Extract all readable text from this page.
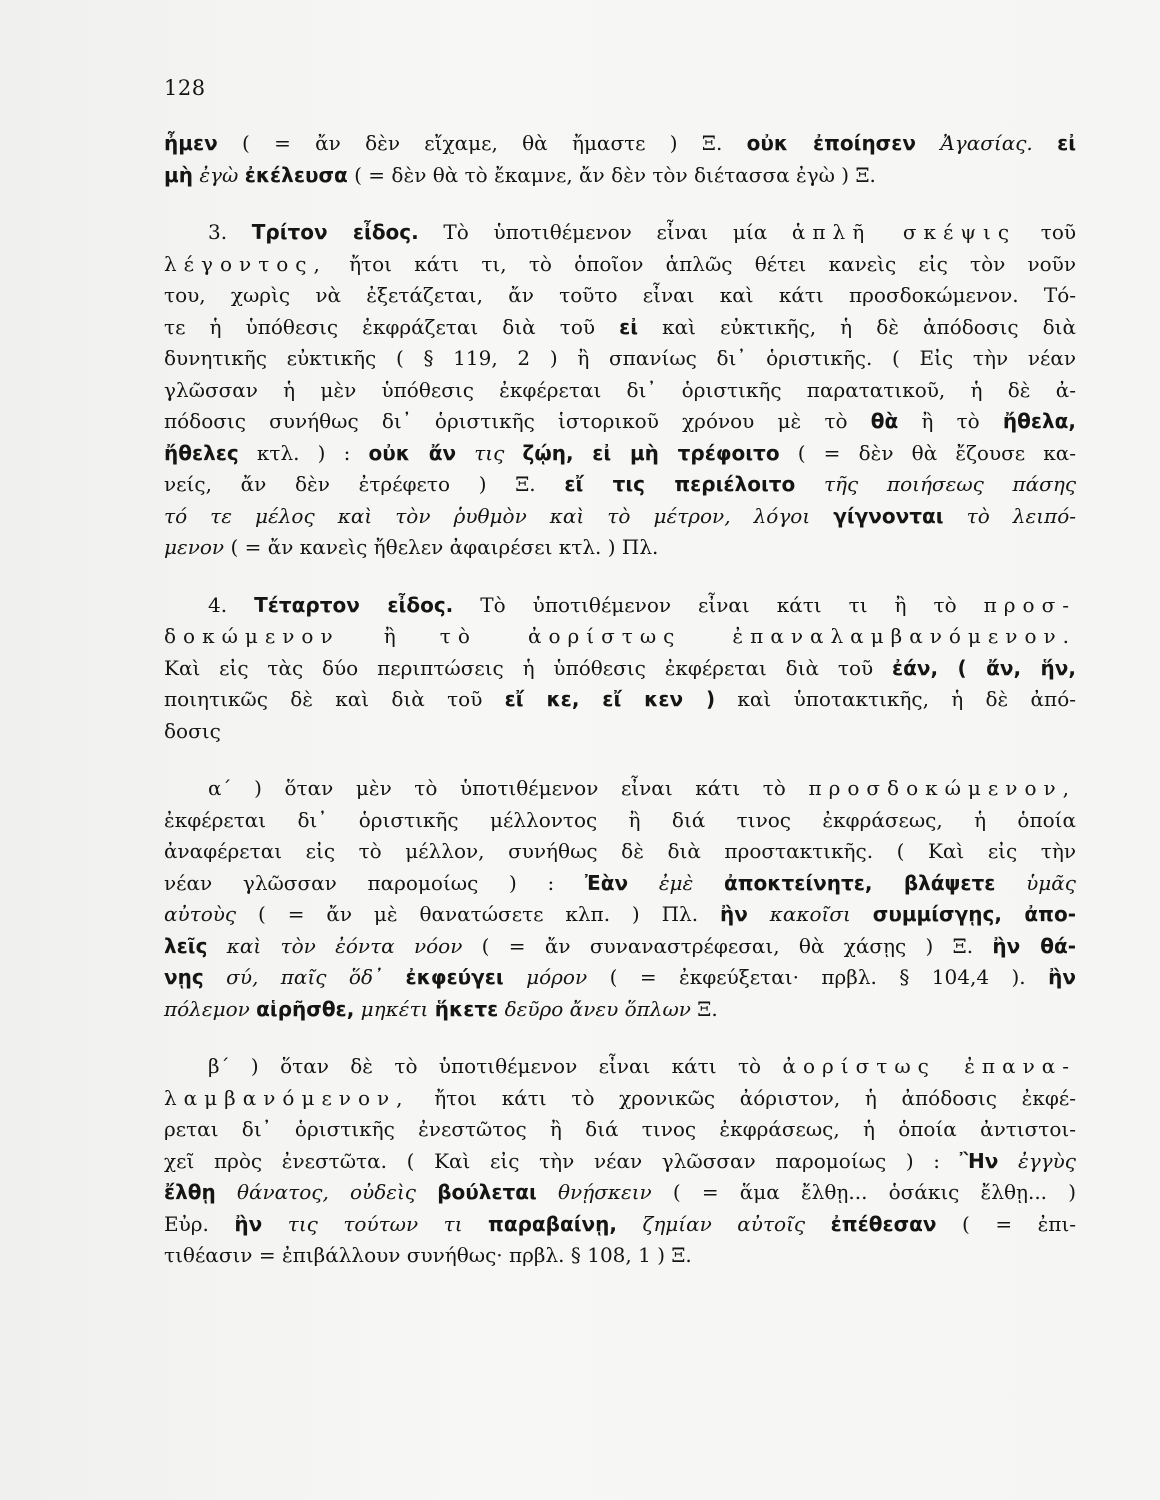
128
ἦμεν ( = ἄν δὲν εἴχαμε, θὰ ἤμαστε ) Ξ. οὐκ ἐποίησεν Ἀγασίας. εἰ
μὴ ἐγὼ ἐκέλευσα ( = δὲν θὰ τὸ ἔκαμνε, ἄν δὲν τὸν διέτασσα ἐγὼ ) Ξ.
3. Τρίτον εἶδος. Τὸ ὑποτιθέμενον εἶναι μία ἁπλῆ σκέψις τοῦ
λέγοντος, ἤτοι κάτι τι, τὸ ὁποῖον ἁπλῶς θέτει κανεὶς εἰς τὸν νοῦν
του, χωρὶς νὰ ἐξετάζεται, ἄν τοῦτο εἶναι καὶ κάτι προσδοκώμενον. Τό-
τε ἡ ὑπόθεσις ἐκφράζεται διὰ τοῦ εἰ καὶ εὐκτικῆς, ἡ δὲ ἀπόδοσις διὰ
δυνητικῆς εὐκτικῆς ( § 119, 2 ) ἢ σπανίως δι᾽ ὁριστικῆς. ( Εἰς τὴν νέαν
γλῶσσαν ἡ μὲν ὑπόθεσις ἐκφέρεται δι᾽ ὁριστικῆς παρατατικοῦ, ἡ δὲ ἀ-
πόδοσις συνήθως δι᾽ ὁριστικῆς ἱστορικοῦ χρόνου μὲ τὸ θὰ ἢ τὸ ἤθελα,
ἤθελες κτλ. ) : οὐκ ἄν τις ζῴη, εἰ μὴ τρέφοιτο ( = δὲν θὰ ἔζουσε κα-
νείς, ἄν δὲν ἐτρέφετο ) Ξ. εἴ τις περιέλοιτο τῆς ποιήσεως πάσης
τό τε μέλος καὶ τὸν ῥυθμὸν καὶ τὸ μέτρον, λόγοι γίγνονται τὸ λειπό-
μενον ( = ἄν κανεὶς ἤθελεν ἀφαιρέσει κτλ. ) Πλ.
4. Τέταρτον εἶδος. Τὸ ὑποτιθέμενον εἶναι κάτι τι ἢ τὸ προσ-
δοκώμενον ἢ τὸ ἀορίστως ἐπαναλαμβανόμενον.
Καὶ εἰς τὰς δύο περιπτώσεις ἡ ὑπόθεσις ἐκφέρεται διὰ τοῦ ἐάν, ( ἄν, ἥν,
ποιητικῶς δὲ καὶ διὰ τοῦ εἴ κε, εἴ κεν ) καὶ ὑποτακτικῆς, ἡ δὲ ἀπό-
δοσις
α΄ ) ὅταν μὲν τὸ ὑποτιθέμενον εἶναι κάτι τὸ προσδοκώμενον,
ἐκφέρεται δι᾽ ὁριστικῆς μέλλοντος ἢ διά τινος ἐκφράσεως, ἡ ὁποία
ἀναφέρεται εἰς τὸ μέλλον, συνήθως δὲ διὰ προστακτικῆς. ( Καὶ εἰς τὴν
νέαν γλῶσσαν παρομοίως ) : Ἐὰν ἐμὲ ἀποκτείνητε, βλάψετε ὑμᾶς
αὐτοὺς ( = ἄν μὲ θανατώσετε κλπ. ) Πλ. ἢν κακοῖσι συμμίσγῃς, ἀπο-
λεῖς καὶ τὸν ἐόντα νόον ( = ἄν συναναστρέφεσαι, θὰ χάσῃς ) Ξ. ἢν θά-
νῃς σύ, παῖς ὅδ᾽ ἐκφεύγει μόρον ( = ἐκφεύξεται· πρβλ. § 104,4 ). ἢν
πόλεμον αἱρῆσθε, μηκέτι ἥκετε δεῦρο ἄνευ ὅπλων Ξ.
β΄ ) ὅταν δὲ τὸ ὑποτιθέμενον εἶναι κάτι τὸ ἀορίστως ἐπανα-
λαμβανόμενον, ἤτοι κάτι τὸ χρονικῶς ἀόριστον, ἡ ἀπόδοσις ἐκφέ-
ρεται δι᾽ ὁριστικῆς ἐνεστῶτος ἢ διά τινος ἐκφράσεως, ἡ ὁποία ἀντιστοι-
χεῖ πρὸς ἐνεστῶτα. ( Καὶ εἰς τὴν νέαν γλῶσσαν παρομοίως ) : Ἢν ἐγγὺς
ἔλθῃ θάνατος, οὐδεὶς βούλεται θνῄσκειν ( = ἅμα ἔλθῃ... ὁσάκις ἔλθῃ... )
Εὐρ. ἢν τις τούτων τι παραβαίνῃ, ζημίαν αὐτοῖς ἐπέθεσαν ( = ἐπι-
τιθέασιν = ἐπιβάλλουν συνήθως· πρβλ. § 108, 1 ) Ξ.
